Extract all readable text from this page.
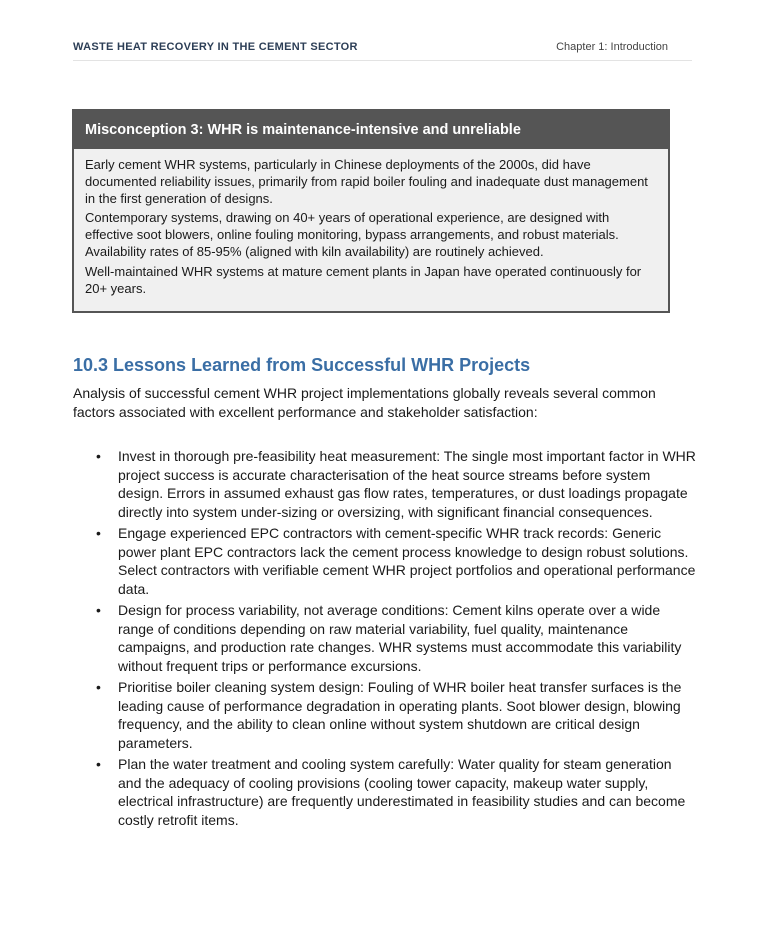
WASTE HEAT RECOVERY IN THE CEMENT SECTOR	Chapter 1: Introduction
Misconception 3: WHR is maintenance-intensive and unreliable

Early cement WHR systems, particularly in Chinese deployments of the 2000s, did have documented reliability issues, primarily from rapid boiler fouling and inadequate dust management in the first generation of designs.

Contemporary systems, drawing on 40+ years of operational experience, are designed with effective soot blowers, online fouling monitoring, bypass arrangements, and robust materials. Availability rates of 85-95% (aligned with kiln availability) are routinely achieved.

Well-maintained WHR systems at mature cement plants in Japan have operated continuously for 20+ years.

10.3 Lessons Learned from Successful WHR Projects

Analysis of successful cement WHR project implementations globally reveals several common factors associated with excellent performance and stakeholder satisfaction:

• Invest in thorough pre-feasibility heat measurement: The single most important factor in WHR project success is accurate characterisation of the heat source streams before system design. Errors in assumed exhaust gas flow rates, temperatures, or dust loadings propagate directly into system under-sizing or oversizing, with significant financial consequences.
• Engage experienced EPC contractors with cement-specific WHR track records: Generic power plant EPC contractors lack the cement process knowledge to design robust solutions. Select contractors with verifiable cement WHR project portfolios and operational performance data.
• Design for process variability, not average conditions: Cement kilns operate over a wide range of conditions depending on raw material variability, fuel quality, maintenance campaigns, and production rate changes. WHR systems must accommodate this variability without frequent trips or performance excursions.
• Prioritise boiler cleaning system design: Fouling of WHR boiler heat transfer surfaces is the leading cause of performance degradation in operating plants. Soot blower design, blowing frequency, and the ability to clean online without system shutdown are critical design parameters.
• Plan the water treatment and cooling system carefully: Water quality for steam generation and the adequacy of cooling provisions (cooling tower capacity, makeup water supply, electrical infrastructure) are frequently underestimated in feasibility studies and can become costly retrofit items.
